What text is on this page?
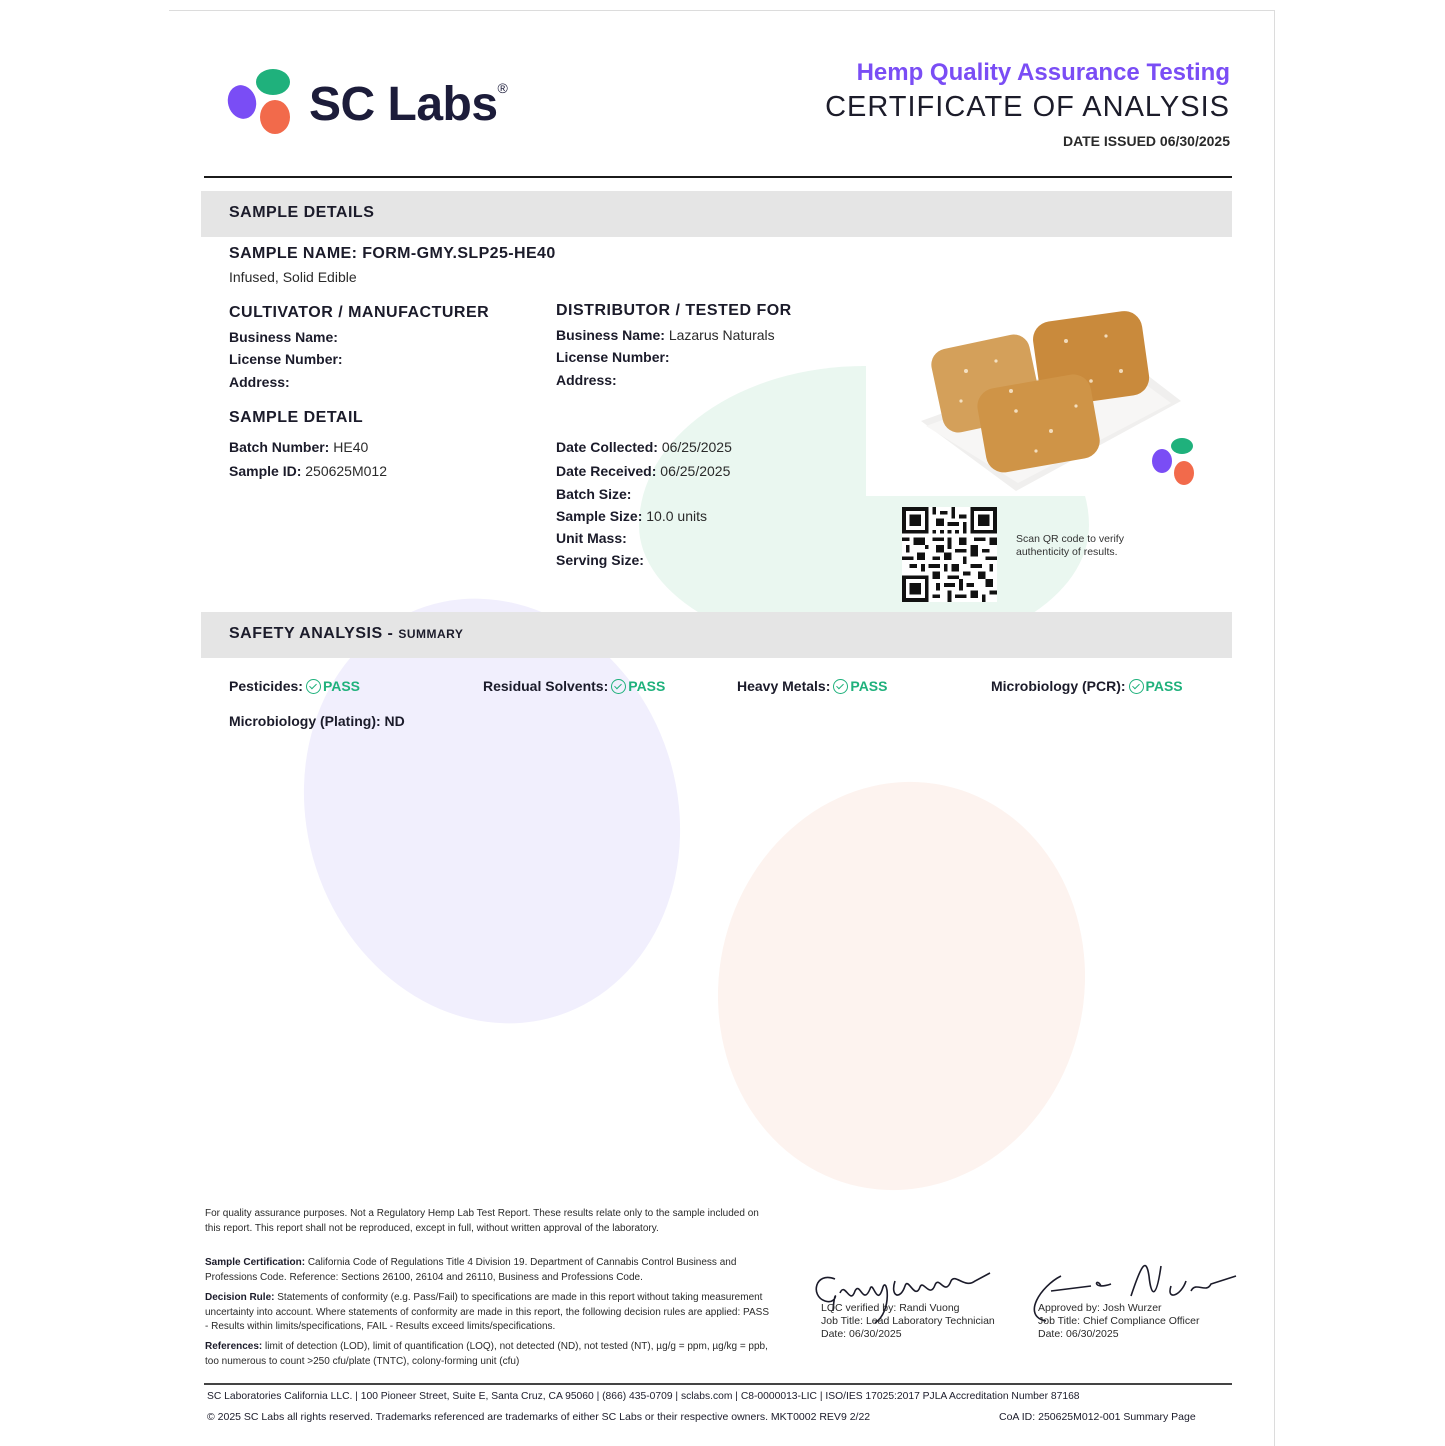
SC Labs®
Hemp Quality Assurance Testing
CERTIFICATE OF ANALYSIS
DATE ISSUED 06/30/2025
SAMPLE DETAILS
SAMPLE NAME: FORM-GMY.SLP25-HE40
Infused, Solid Edible
CULTIVATOR / MANUFACTURER
Business Name:
License Number:
Address:
DISTRIBUTOR / TESTED FOR
Business Name: Lazarus Naturals
License Number:
Address:
SAMPLE DETAIL
Batch Number: HE40
Sample ID: 250625M012
Date Collected: 06/25/2025
Date Received: 06/25/2025
Batch Size:
Sample Size: 10.0 units
Unit Mass:
Serving Size:
Scan QR code to verify
authenticity of results.
SAFETY ANALYSIS - SUMMARY
Pesticides: PASS	Residual Solvents: PASS	Heavy Metals: PASS	Microbiology (PCR): PASS
Microbiology (Plating): ND
For quality assurance purposes. Not a Regulatory Hemp Lab Test Report. These results relate only to the sample included on this report. This report shall not be reproduced, except in full, without written approval of the laboratory.
Sample Certification: California Code of Regulations Title 4 Division 19. Department of Cannabis Control Business and Professions Code. Reference: Sections 26100, 26104 and 26110, Business and Professions Code.
Decision Rule: Statements of conformity (e.g. Pass/Fail) to specifications are made in this report without taking measurement uncertainty into account. Where statements of conformity are made in this report, the following decision rules are applied: PASS - Results within limits/specifications, FAIL - Results exceed limits/specifications.
References: limit of detection (LOD), limit of quantification (LOQ), not detected (ND), not tested (NT), µg/g = ppm, µg/kg = ppb, too numerous to count >250 cfu/plate (TNTC), colony-forming unit (cfu)
LQC verified by: Randi Vuong
Job Title: Lead Laboratory Technician
Date: 06/30/2025
Approved by: Josh Wurzer
Job Title: Chief Compliance Officer
Date: 06/30/2025
SC Laboratories California LLC. | 100 Pioneer Street, Suite E, Santa Cruz, CA 95060 | (866) 435-0709 | sclabs.com | C8-0000013-LIC | ISO/IES 17025:2017 PJLA Accreditation Number 87168
© 2025 SC Labs all rights reserved. Trademarks referenced are trademarks of either SC Labs or their respective owners. MKT0002 REV9 2/22	CoA ID: 250625M012-001 Summary Page
